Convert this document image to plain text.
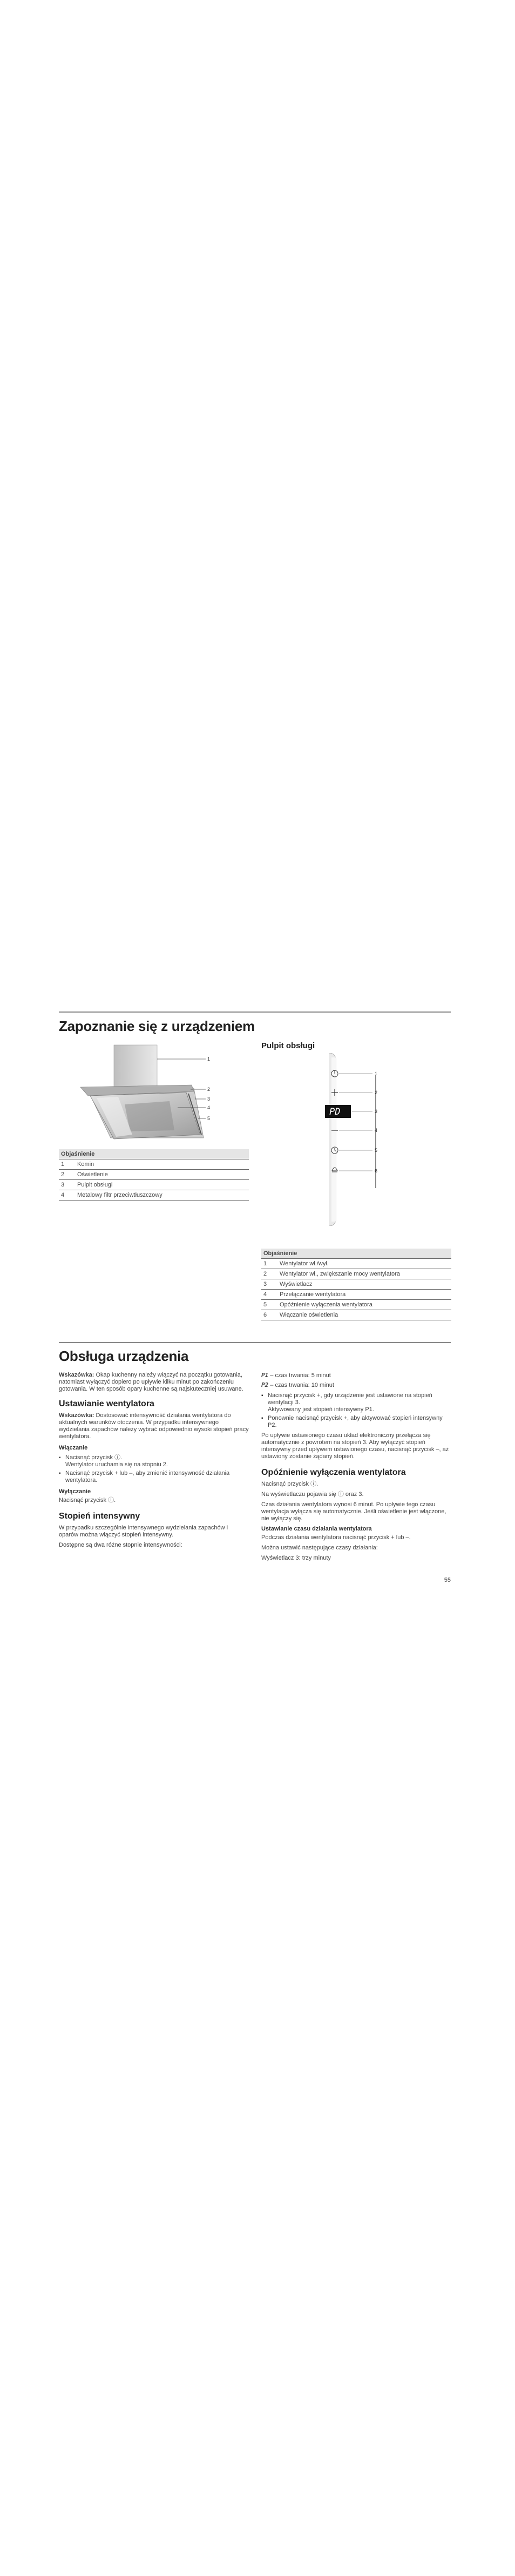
Zapoznanie się z urządzeniem
1
2
3
4
5
Objaśnienie	
1	Komin
2	Oświetlenie
3	Pulpit obsługi
4	Metalowy filtr przeciwtłuszczowy
Pulpit obsługi
PD
1
2
3
4
5
6
Objaśnienie	
1	Wentylator wł./wył.
2	Wentylator wł., zwiększanie mocy wentylatora
3	Wyświetlacz
4	Przełączanie wentylatora
5	Opóźnienie wyłączenia wentylatora
6	Włączanie oświetlenia
Obsługa urządzenia
Wskazówka: Okap kuchenny należy włączyć na początku gotowania, natomiast wyłączyć dopiero po upływie kilku minut po zakończeniu gotowania. W ten sposób opary kuchenne są najskuteczniej usuwane.
Ustawianie wentylatora
Wskazówka: Dostosować intensywność działania wentylatora do aktualnych warunków otoczenia. W przypadku intensywnego wydzielania zapachów należy wybrać odpowiednio wysoki stopień pracy wentylatora.
Włączanie
▪ Nacisnąć przycisk ⓘ.
Wentylator uruchamia się na stopniu 2.
▪ Nacisnąć przycisk + lub –, aby zmienić intensywność działania wentylatora.
Wyłączanie
Nacisnąć przycisk ⓘ.
Stopień intensywny
W przypadku szczególnie intensywnego wydzielania zapachów i oparów można włączyć stopień intensywny.
Dostępne są dwa różne stopnie intensywności:
P1 – czas trwania: 5 minut
P2 – czas trwania: 10 minut
▪ Nacisnąć przycisk +, gdy urządzenie jest ustawione na stopień wentylacji 3.
Aktywowany jest stopień intensywny P1.
▪ Ponownie nacisnąć przycisk +, aby aktywować stopień intensywny P2.
Po upływie ustawionego czasu układ elektroniczny przełącza się automatycznie z powrotem na stopień 3. Aby wyłączyć stopień intensywny przed upływem ustawionego czasu, nacisnąć przycisk –, aż ustawiony zostanie żądany stopień.
Opóźnienie wyłączenia wentylatora
Nacisnąć przycisk ⓘ.
Na wyświetlaczu pojawia się ⓘ oraz 3.
Czas działania wentylatora wynosi 6 minut. Po upływie tego czasu wentylacja wyłącza się automatycznie. Jeśli oświetlenie jest włączone, nie wyłączy się.
Ustawianie czasu działania wentylatora
Podczas działania wentylatora nacisnąć przycisk + lub –.
Można ustawić następujące czasy działania:
Wyświetlacz 3: trzy minuty
55
